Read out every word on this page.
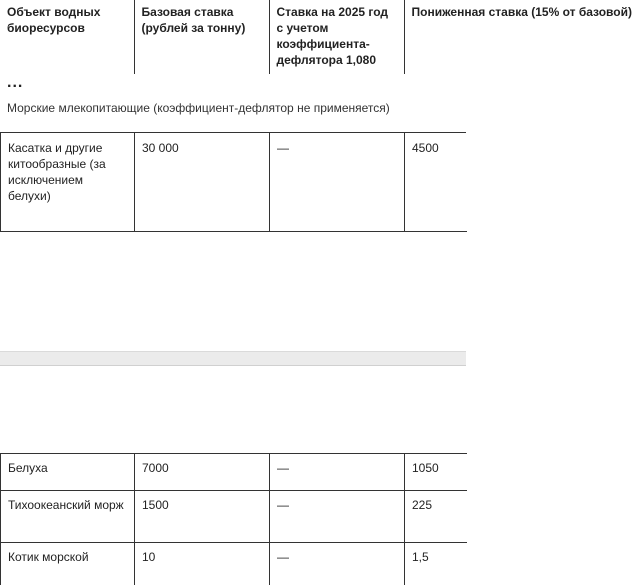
Объект водных биоресурсов	Базовая ставка (рублей за тонну)	Ставка на 2025 год с учетом коэффициента-дефлятора 1,080	Пониженная ставка (15% от базовой)
...
Морские млекопитающие (коэффициент-дефлятор не применяется)
Касатка и другие китообразные (за исключением белухи)	30 000	—	4500
Белуха	7000	—	1050
Тихоокеанский морж	1500	—	225
Котик морской	10	—	1,5
